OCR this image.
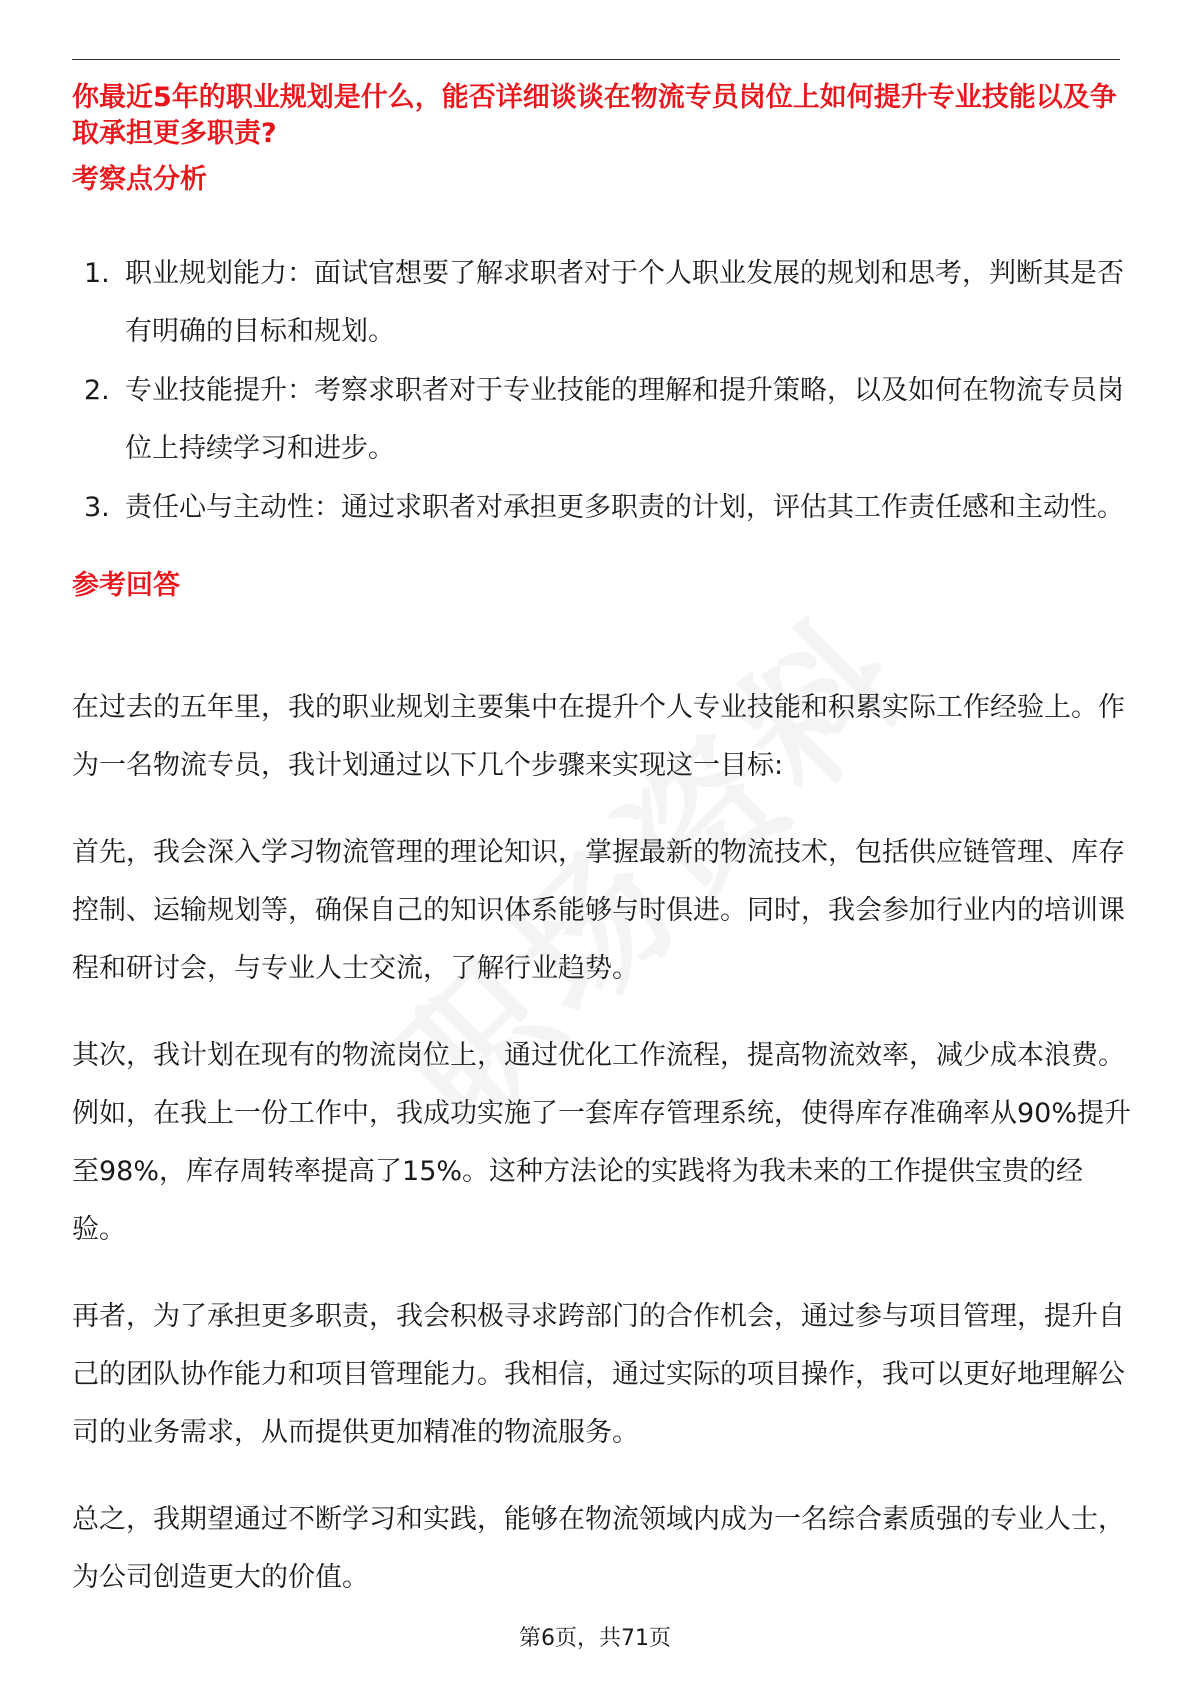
你最近5年的职业规划是什么，能否详细谈谈在物流专员岗位上如何提升专业技能以及争取承担更多职责?

考察点分析

1. 职业规划能力：面试官想要了解求职者对于个人职业发展的规划和思考，判断其是否有明确的目标和规划。
2. 专业技能提升：考察求职者对于专业技能的理解和提升策略，以及如何在物流专员岗位上持续学习和进步。
3. 责任心与主动性：通过求职者对承担更多职责的计划，评估其工作责任感和主动性。

参考回答

在过去的五年里，我的职业规划主要集中在提升个人专业技能和积累实际工作经验上。作为一名物流专员，我计划通过以下几个步骤来实现这一目标:

首先，我会深入学习物流管理的理论知识，掌握最新的物流技术，包括供应链管理、库存控制、运输规划等，确保自己的知识体系能够与时俱进。同时，我会参加行业内的培训课程和研讨会，与专业人士交流，了解行业趋势。

其次，我计划在现有的物流岗位上，通过优化工作流程，提高物流效率，减少成本浪费。例如，在我上一份工作中，我成功实施了一套库存管理系统，使得库存准确率从90%提升至98%，库存周转率提高了15%。这种方法论的实践将为我未来的工作提供宝贵的经验。

再者，为了承担更多职责，我会积极寻求跨部门的合作机会，通过参与项目管理，提升自己的团队协作能力和项目管理能力。我相信，通过实际的项目操作，我可以更好地理解公司的业务需求，从而提供更加精准的物流服务。

总之，我期望通过不断学习和实践，能够在物流领域内成为一名综合素质强的专业人士，为公司创造更大的价值。

第6页，共71页
